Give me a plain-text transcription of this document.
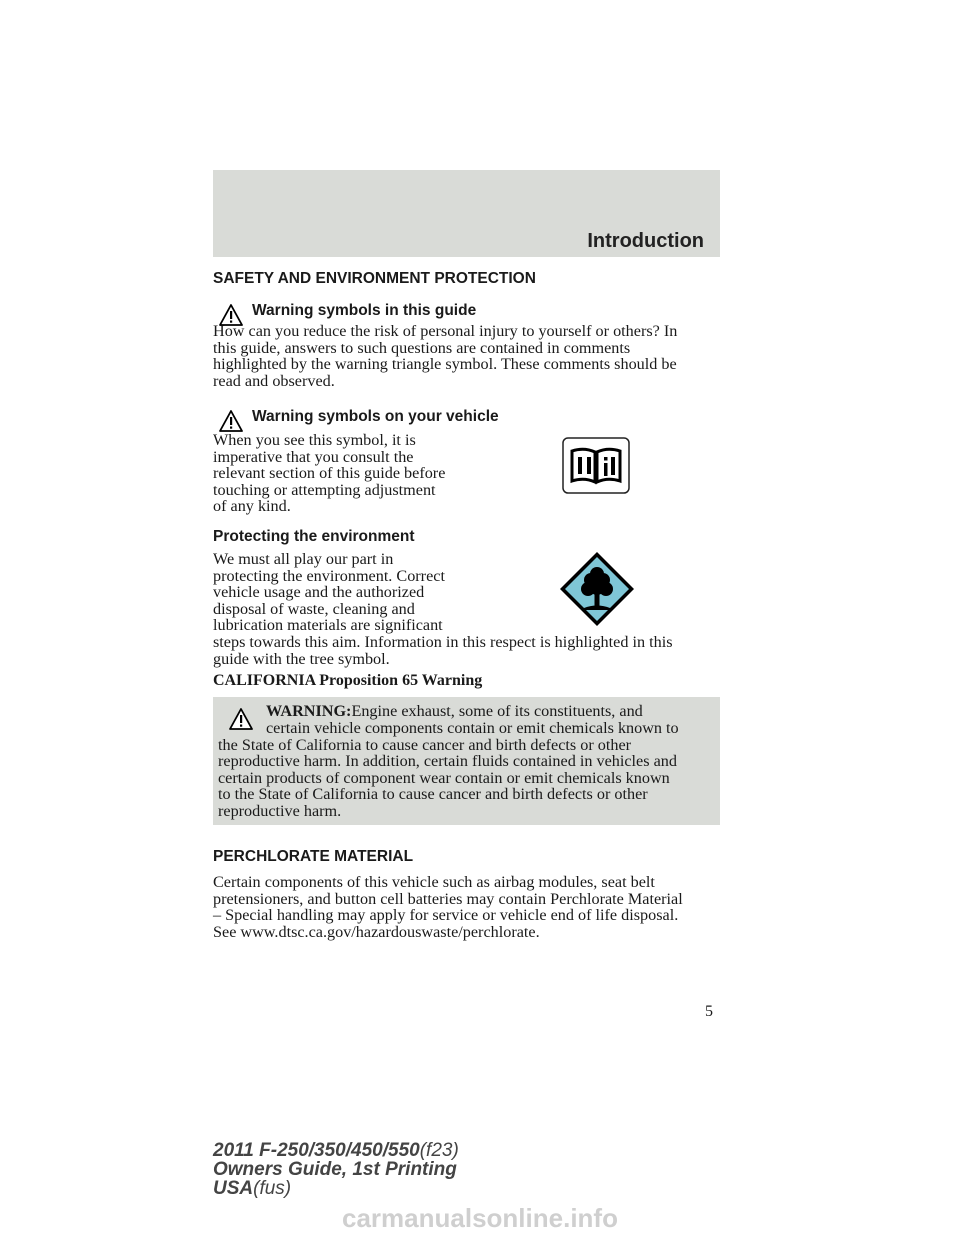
Introduction
SAFETY AND ENVIRONMENT PROTECTION
Warning symbols in this guide
How can you reduce the risk of personal injury to yourself or others? In
this guide, answers to such questions are contained in comments
highlighted by the warning triangle symbol. These comments should be
read and observed.
Warning symbols on your vehicle
When you see this symbol, it is
imperative that you consult the
relevant section of this guide before
touching or attempting adjustment
of any kind.
Protecting the environment
We must all play our part in
protecting the environment. Correct
vehicle usage and the authorized
disposal of waste, cleaning and
lubrication materials are significant
steps towards this aim. Information in this respect is highlighted in this
guide with the tree symbol.
CALIFORNIA Proposition 65 Warning
WARNING:Engine exhaust, some of its constituents, and
certain vehicle components contain or emit chemicals known to
the State of California to cause cancer and birth defects or other
reproductive harm. In addition, certain fluids contained in vehicles and
certain products of component wear contain or emit chemicals known
to the State of California to cause cancer and birth defects or other
reproductive harm.
PERCHLORATE MATERIAL
Certain components of this vehicle such as airbag modules, seat belt
pretensioners, and button cell batteries may contain Perchlorate Material
– Special handling may apply for service or vehicle end of life disposal.
See www.dtsc.ca.gov/hazardouswaste/perchlorate.
5
2011 F-250/350/450/550(f23)
Owners Guide, 1st Printing
USA(fus)
carmanualsonline.info
